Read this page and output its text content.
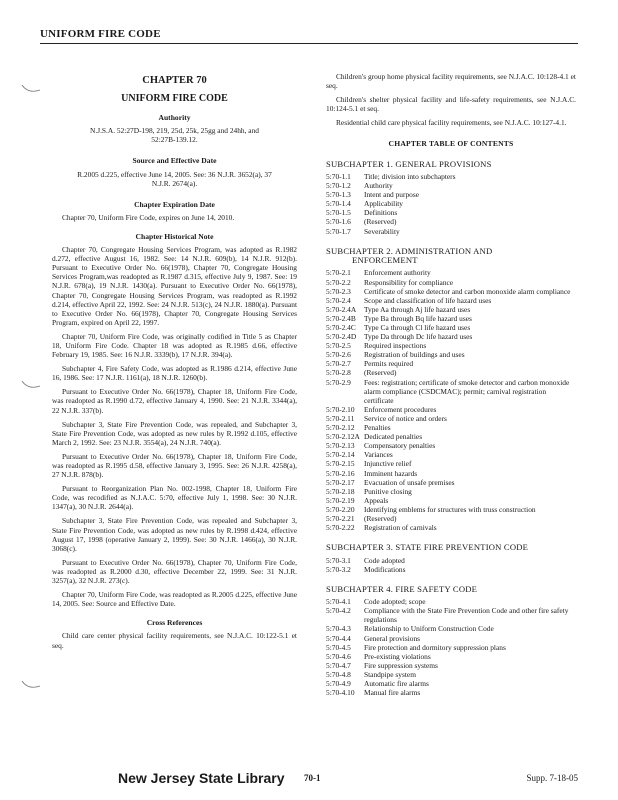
UNIFORM FIRE CODE
CHAPTER 70
UNIFORM FIRE CODE
Authority
N.J.S.A. 52:27D-198, 219, 25d, 25k, 25gg and 24hh, and 52:27B-139.12.
Source and Effective Date
R.2005 d.225, effective June 14, 2005. See: 36 N.J.R. 3652(a), 37 N.J.R. 2674(a).
Chapter Expiration Date

Chapter 70, Uniform Fire Code, expires on June 14, 2010.

Chapter Historical Note

Chapter 70, Congregate Housing Services Program, was adopted as R.1982 d.272, effective August 16, 1982. See: 14 N.J.R. 609(b), 14 N.J.R. 912(b). Pursuant to Executive Order No. 66(1978), Chapter 70, Congregate Housing Services Program,was readopted as R.1987 d.315, effective July 9, 1987. See: 19 N.J.R. 678(a), 19 N.J.R. 1430(a). Pursuant to Executive Order No. 66(1978), Chapter 70, Congregate Housing Services Program, was readopted as R.1992 d.214, effective April 22, 1992. See: 24 N.J.R. 513(c), 24 N.J.R. 1880(a). Pursuant to Executive Order No. 66(1978), Chapter 70, Congregate Housing Services Program, expired on April 22, 1997.

Chapter 70, Uniform Fire Code, was originally codified in Title 5 as Chapter 18, Uniform Fire Code. Chapter 18 was adopted as R.1985 d.66, effective February 19, 1985. See: 16 N.J.R. 3339(b), 17 N.J.R. 394(a).

Subchapter 4, Fire Safety Code, was adopted as R.1986 d.214, effective June 16, 1986. See: 17 N.J.R. 1161(a), 18 N.J.R. 1260(b).

Pursuant to Executive Order No. 66(1978), Chapter 18, Uniform Fire Code, was readopted as R.1990 d.72, effective January 4, 1990. See: 21 N.J.R. 3344(a), 22 N.J.R. 337(b).

Subchapter 3, State Fire Prevention Code, was repealed, and Subchapter 3, State Fire Prevention Code, was adopted as new rules by R.1992 d.105, effective March 2, 1992. See: 23 N.J.R. 3554(a), 24 N.J.R. 740(a).

Pursuant to Executive Order No. 66(1978), Chapter 18, Uniform Fire Code, was readopted as R.1995 d.58, effective January 3, 1995. See: 26 N.J.R. 4258(a), 27 N.J.R. 878(b).

Pursuant to Reorganization Plan No. 002-1998, Chapter 18, Uniform Fire Code, was recodified as N.J.A.C. 5:70, effective July 1, 1998. See: 30 N.J.R. 1347(a), 30 N.J.R. 2644(a).

Subchapter 3, State Fire Prevention Code, was repealed and Subchapter 3, State Fire Prevention Code, was adopted as new rules by R.1998 d.424, effective August 17, 1998 (operative January 2, 1999). See: 30 N.J.R. 1466(a), 30 N.J.R. 3068(c).

Pursuant to Executive Order No. 66(1978), Chapter 70, Uniform Fire Code, was readopted as R.2000 d.30, effective December 22, 1999. See: 31 N.J.R. 3257(a), 32 N.J.R. 273(c).

Chapter 70, Uniform Fire Code, was readopted as R.2005 d.225, effective June 14, 2005. See: Source and Effective Date.

Cross References

Child care center physical facility requirements, see N.J.A.C. 10:122-5.1 et seq.

Children's group home physical facility requirements, see N.J.A.C. 10:128-4.1 et seq.

Children's shelter physical facility and life-safety requirements, see N.J.A.C. 10:124-5.1 et seq.

Residential child care physical facility requirements, see N.J.A.C. 10:127-4.1.

CHAPTER TABLE OF CONTENTS
SUBCHAPTER 1. GENERAL PROVISIONS
5:70-1.1	Title; division into subchapters
5:70-1.2	Authority
5:70-1.3	Intent and purpose
5:70-1.4	Applicability
5:70-1.5	Definitions
5:70-1.6	(Reserved)
5:70-1.7	Severability
SUBCHAPTER 2. ADMINISTRATION AND
ENFORCEMENT
5:70-2.1	Enforcement authority
5:70-2.2	Responsibility for compliance
5:70-2.3	Certificate of smoke detector and carbon monoxide alarm compliance
5:70-2.4	Scope and classification of life hazard uses
5:70-2.4A	Type Aa through Aj life hazard uses
5:70-2.4B	Type Ba through Bq life hazard uses
5:70-2.4C	Type Ca through Cl life hazard uses
5:70-2.4D	Type Da through Dc life hazard uses
5:70-2.5	Required inspections
5:70-2.6	Registration of buildings and uses
5:70-2.7	Permits required
5:70-2.8	(Reserved)
5:70-2.9	Fees: registration; certificate of smoke detector and carbon monoxide alarm compliance (CSDCMAC); permit; carnival registration certificate
5:70-2.10	Enforcement procedures
5:70-2.11	Service of notice and orders
5:70-2.12	Penalties
5:70-2.12A Dedicated penalties
5:70-2.13	Compensatory penalties
5:70-2.14	Variances
5:70-2.15	Injunctive relief
5:70-2.16	Imminent hazards
5:70-2.17	Evacuation of unsafe premises
5:70-2.18	Punitive closing
5:70-2.19	Appeals
5:70-2.20	Identifying emblems for structures with truss construction
5:70-2.21	(Reserved)
5:70-2.22	Registration of carnivals
SUBCHAPTER 3. STATE FIRE PREVENTION CODE
5:70-3.1	Code adopted
5:70-3.2	Modifications
SUBCHAPTER 4. FIRE SAFETY CODE
5:70-4.1	Code adopted; scope
5:70-4.2	Compliance with the State Fire Prevention Code and other fire safety regulations
5:70-4.3	Relationship to Uniform Construction Code
5:70-4.4	General provisions
5:70-4.5	Fire protection and dormitory suppression plans
5:70-4.6	Pre-existing violations
5:70-4.7	Fire suppression systems
5:70-4.8	Standpipe system
5:70-4.9	Automatic fire alarms
5:70-4.10	Manual fire alarms
New Jersey State Library 70-1	Supp. 7-18-05
